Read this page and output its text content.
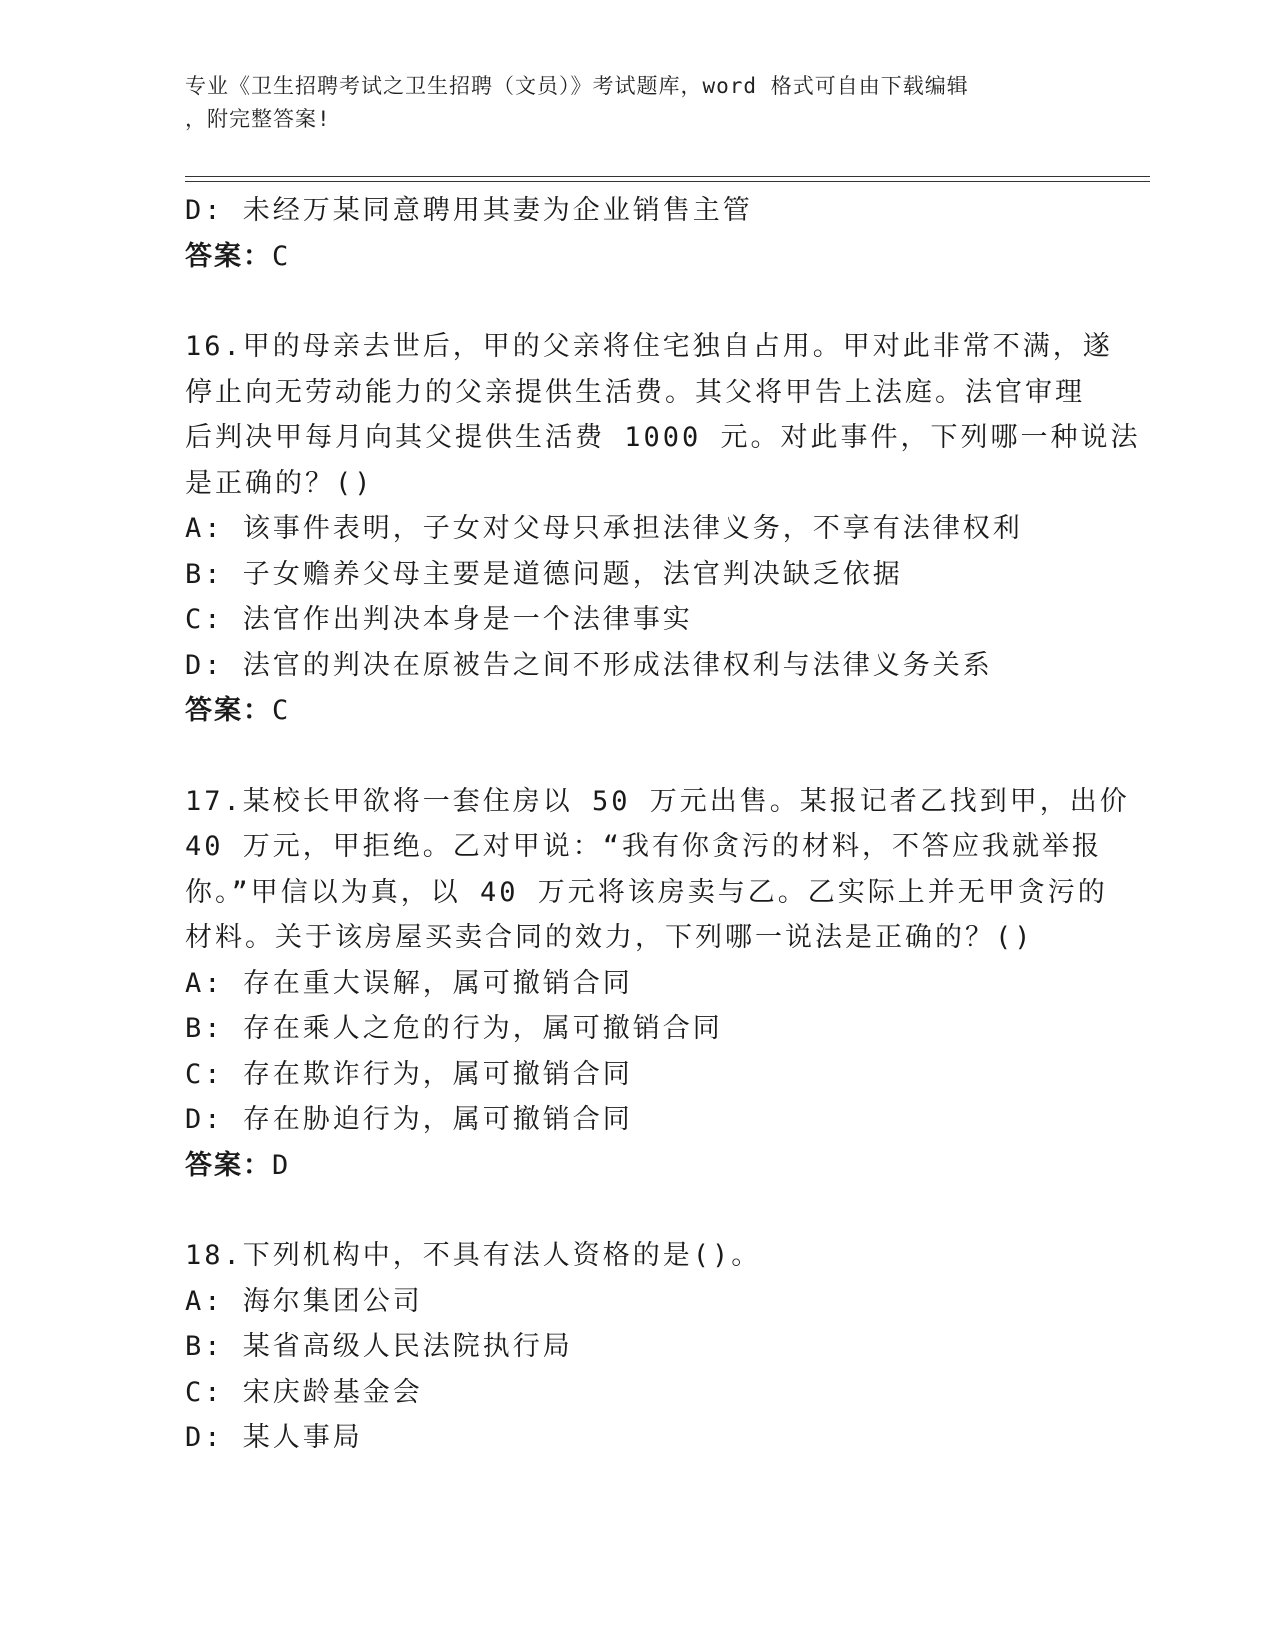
专业《卫生招聘考试之卫生招聘（文员）》考试题库，word 格式可自由下载编辑
，附完整答案!
D: 未经万某同意聘用其妻为企业销售主管
答案：C
16.甲的母亲去世后，甲的父亲将住宅独自占用。甲对此非常不满，遂
停止向无劳动能力的父亲提供生活费。其父将甲告上法庭。法官审理
后判决甲每月向其父提供生活费 1000 元。对此事件，下列哪一种说法
是正确的？()
A: 该事件表明，子女对父母只承担法律义务，不享有法律权利
B: 子女赡养父母主要是道德问题，法官判决缺乏依据
C: 法官作出判决本身是一个法律事实
D: 法官的判决在原被告之间不形成法律权利与法律义务关系
答案：C
17.某校长甲欲将一套住房以 50 万元出售。某报记者乙找到甲，出价
40 万元，甲拒绝。乙对甲说：“我有你贪污的材料，不答应我就举报
你。”甲信以为真，以 40 万元将该房卖与乙。乙实际上并无甲贪污的
材料。关于该房屋买卖合同的效力，下列哪一说法是正确的？()
A: 存在重大误解，属可撤销合同
B: 存在乘人之危的行为，属可撤销合同
C: 存在欺诈行为，属可撤销合同
D: 存在胁迫行为，属可撤销合同
答案：D
18.下列机构中，不具有法人资格的是()。
A: 海尔集团公司
B: 某省高级人民法院执行局
C: 宋庆龄基金会
D: 某人事局
